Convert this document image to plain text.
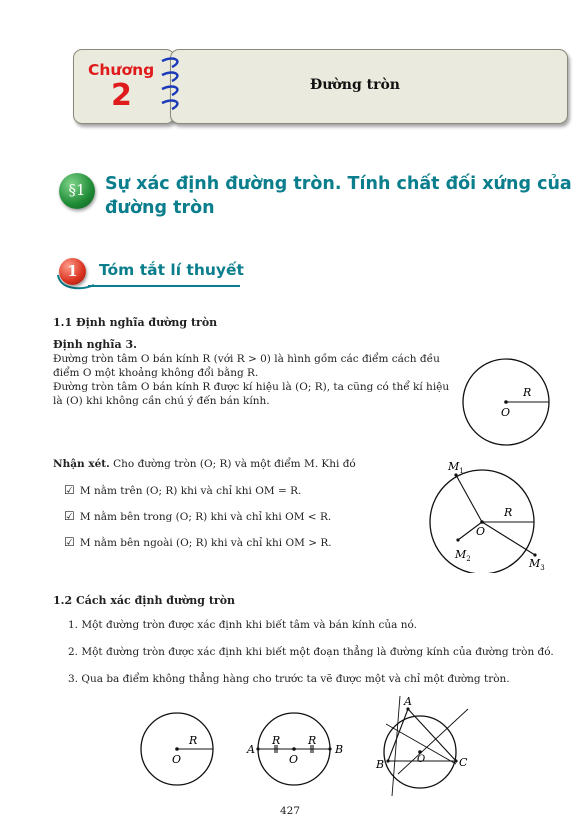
Chương
2	Đường tròn
§1	Sự xác định đường tròn. Tính chất đối xứng của đường tròn
1	Tóm tắt lí thuyết
1.1 Định nghĩa đường tròn
Định nghĩa 3.
Đường tròn tâm O bán kính R (với R > 0) là hình gồm các điểm cách đều
điểm O một khoảng không đổi bằng R.
Đường tròn tâm O bán kính R được kí hiệu là (O; R), ta cũng có thể kí hiệu
là (O) khi không cần chú ý đến bán kính.
R
O
Nhận xét. Cho đường tròn (O; R) và một điểm M. Khi đó
☑ M nằm trên (O; R) khi và chỉ khi OM = R.
☑ M nằm bên trong (O; R) khi và chỉ khi OM < R.
☑ M nằm bên ngoài (O; R) khi và chỉ khi OM > R.
$M_1$
$M_2$	$M_3$
O
R
1.2 Cách xác định đường tròn
1. Một đường tròn được xác định khi biết tâm và bán kính của nó.
2. Một đường tròn được xác định khi biết một đoạn thẳng là đường kính của đường tròn đó.
3. Qua ba điểm không thẳng hàng cho trước ta vẽ được một và chỉ một đường tròn.
R
O
A	B
R	R
O
A
B	C
O
427
